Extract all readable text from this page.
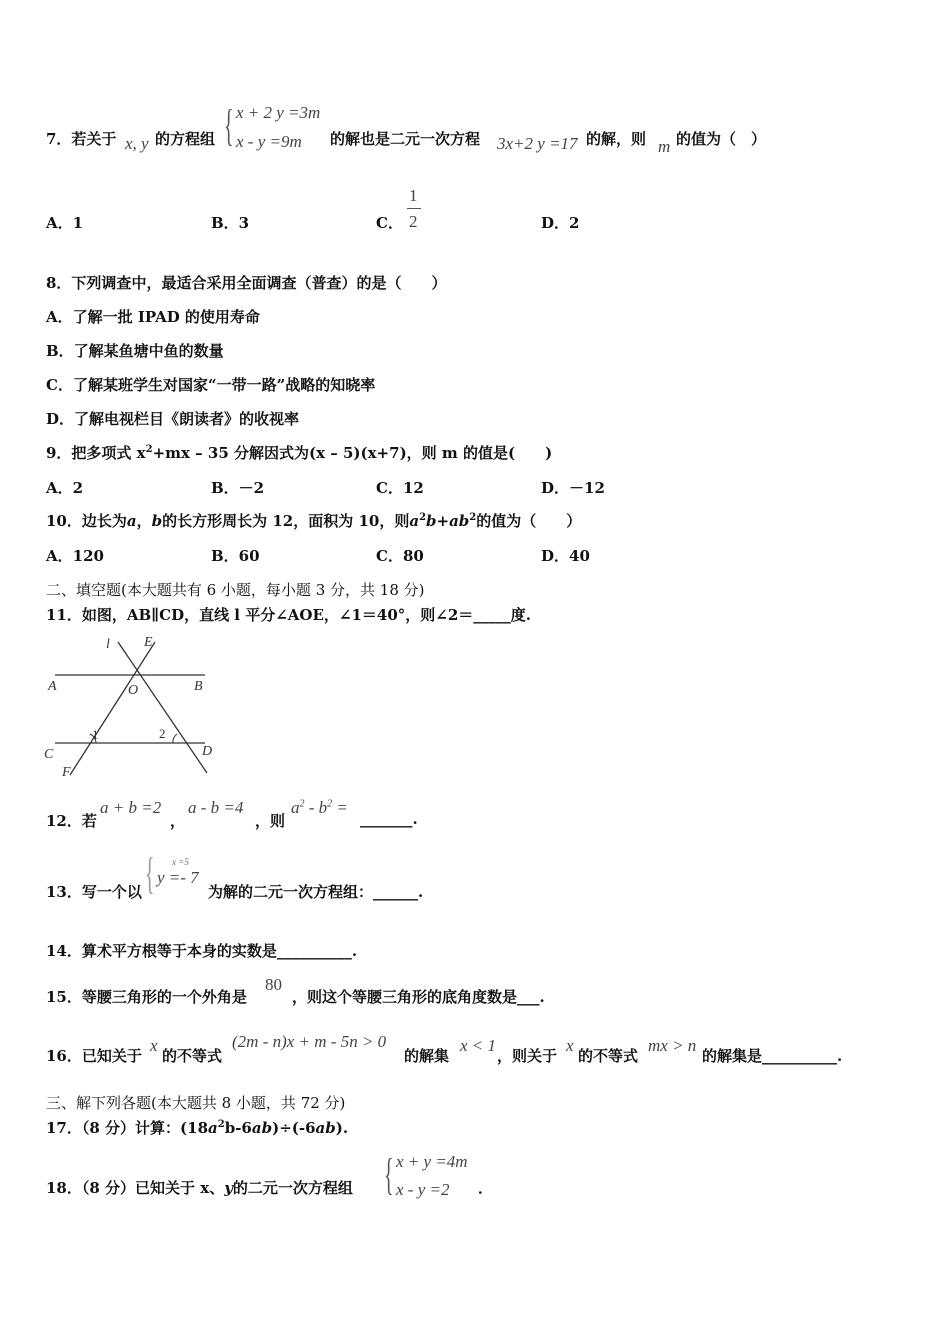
7．若关于 x, y 的方程组 { x + 2 y =3m
x - y =9m 的解也是二元一次方程 3x+2 y =17 的解，则 m 的值为（　）
A．1	B．3	C．
1
2	D．2
8．下列调查中，最适合采用全面调查（普查）的是（　　）
A．了解一批 IPAD 的使用寿命
B．了解某鱼塘中鱼的数量
C．了解某班学生对国家“一带一路”战略的知晓率
D．了解电视栏目《朗读者》的收视率
9．把多项式 $x^2+mx - 35$ 分解因式为(x – 5)(x+7)，则 m 的值是(　　)
A．2	B．－2	C．12	D．－12
10．边长为a，b的长方形周长为 12，面积为 10，则$a^2b+ab^2$的值为（　　）
A．120	B．60	C．80	D．40
二、填空题(本大题共有 6 小题，每小题 3 分，共 18 分)
11．如图，AB∥CD，直线 l 平分∠AOE，∠1＝40°，则∠2＝_____度.
l E
A	O	B
C	D
F
1	2
12．若
a + b =2
，
a - b =4
，则
$a^2 - b^2$ =
_______.
13．写一个以 { x =5
y =- 7
为解的二元一次方程组：______.
14．算术平方根等于本身的实数是__________.
15．等腰三角形的一个外角是
80
，则这个等腰三角形的底角度数是___.
16．已知关于
x
的不等式
(2m - n)x + m - 5n > 0
的解集
x < 1
，则关于
x
的不等式
mx > n
的解集是__________.
三、解下列各题(本大题共 8 小题，共 72 分)
17．（8 分）计算：$(18a^2b-6ab)\div(-6ab)$.
18．（8 分）已知关于 x、y的二元一次方程组 { x + y =4m
x - y =2 ．
